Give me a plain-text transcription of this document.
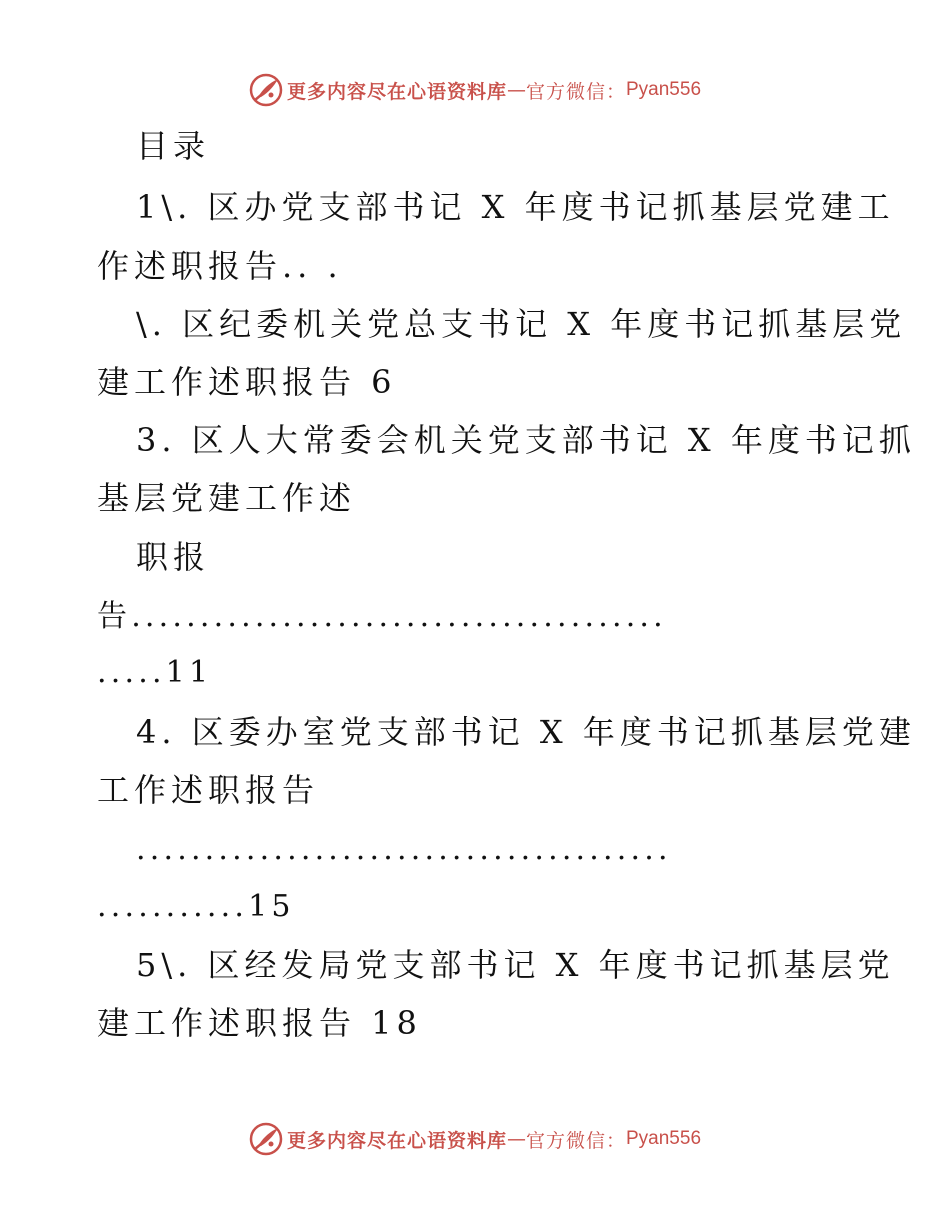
更多内容尽在心语资料库 — 官方微信： Pyan556
目录
1\. 区办党支部书记 X 年度书记抓基层党建工
作述职报告.. .
\. 区纪委机关党总支书记 X 年度书记抓基层党
建工作述职报告 6
3. 区人大常委会机关党支部书记 X 年度书记抓
基层党建工作述
职报
告.......................................
.....11
4. 区委办室党支部书记 X 年度书记抓基层党建
工作述职报告
.......................................
...........15
5\. 区经发局党支部书记 X 年度书记抓基层党
建工作述职报告 18
更多内容尽在心语资料库 — 官方微信： Pyan556
